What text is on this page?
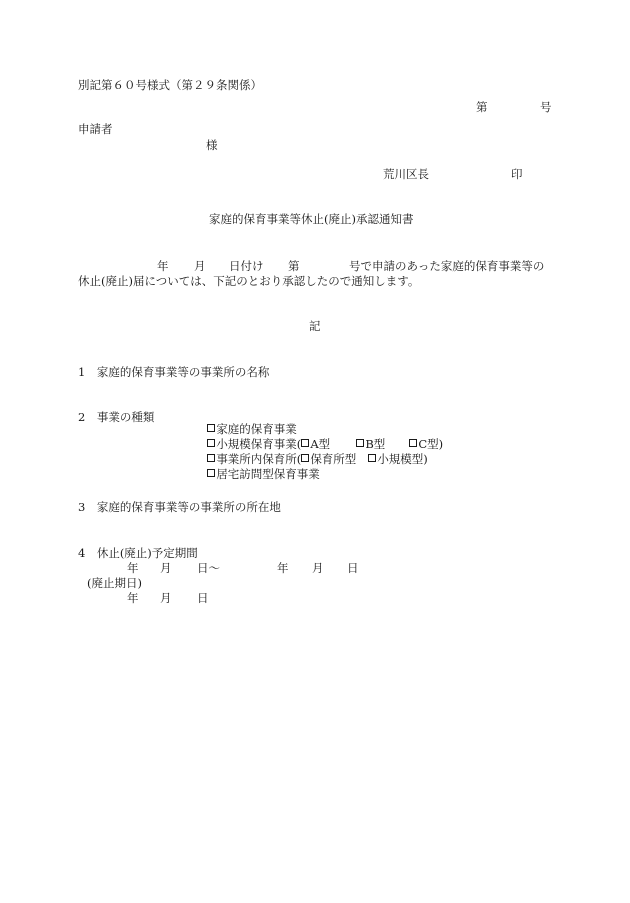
別記第６０号様式（第２９条関係）
第	号
申請者
様
荒川区長	印
家庭的保育事業等休止(廃止)承認通知書
年 月 日付け 第	号で申請のあった家庭的保育事業等の
休止(廃止)届については、下記のとおり承認したので通知します。
記
1　家庭的保育事業等の事業所の名称
2　事業の種類

家庭的保育事業

小規模保育事業( A型	B型	C型)

事業所内保育所( 保育所型	小規模型)

居宅訪問型保育事業

3　家庭的保育事業等の事業所の所在地
4　休止(廃止)予定期間
年 月 日～	年 月 日
(廃止期日)
年 月 日
